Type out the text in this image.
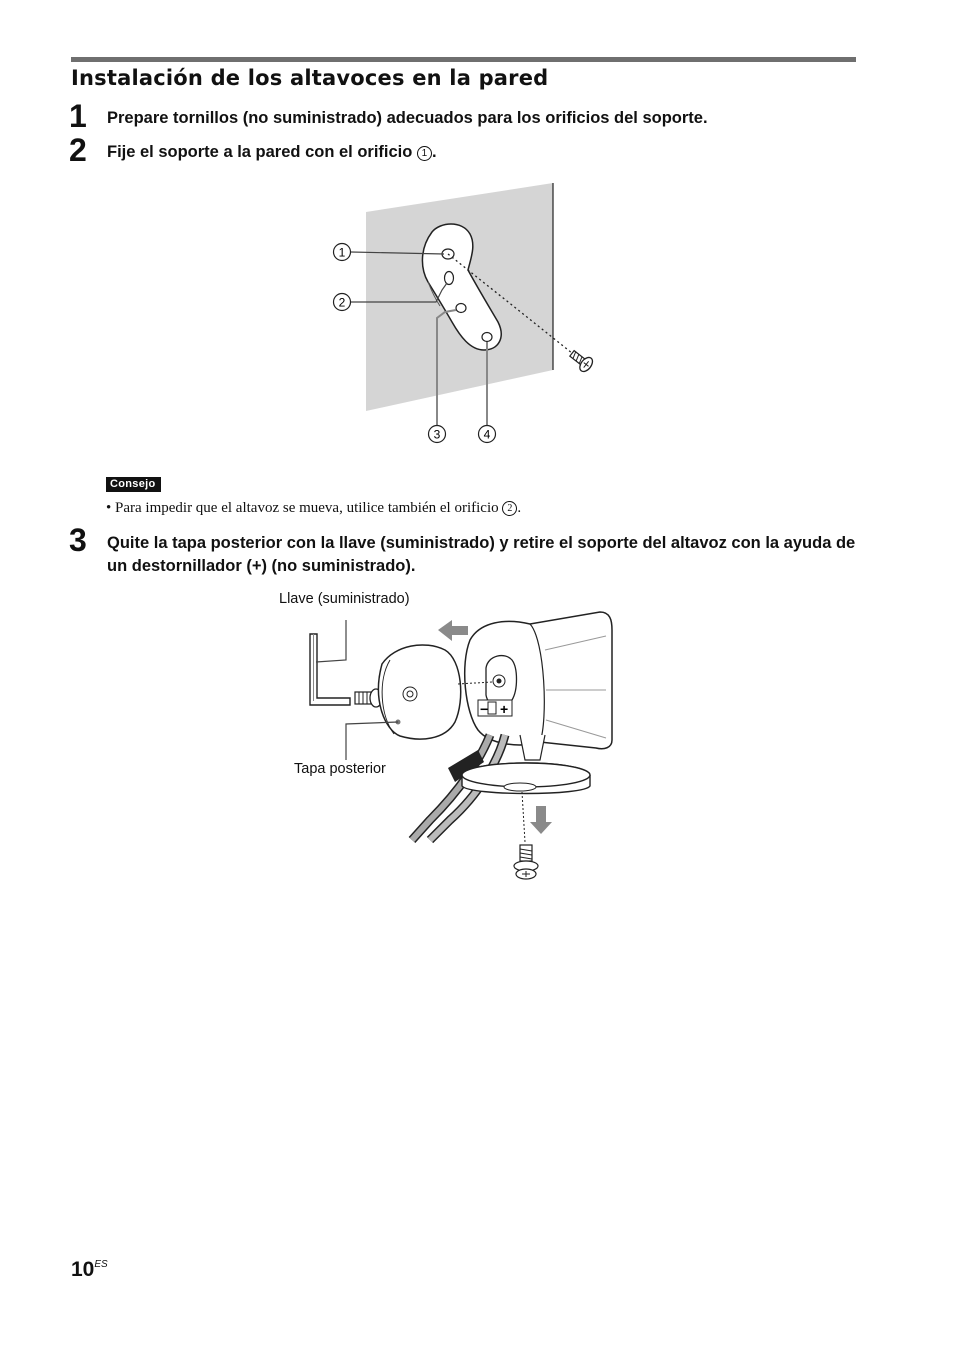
Instalación de los altavoces en la pared
1 Prepare tornillos (no suministrado) adecuados para los orificios del soporte.
2 Fije el soporte a la pared con el orificio 1 .
1
2
3	4
Consejo
• Para impedir que el altavoz se mueva, utilice también el orificio 2 .
3 Quite la tapa posterior con la llave (suministrado) y retire el soporte del altavoz con la ayuda de un destornillador (+) (no suministrado).
Llave (suministrado)
Tapa posterior
− +
$10^{ES}$
